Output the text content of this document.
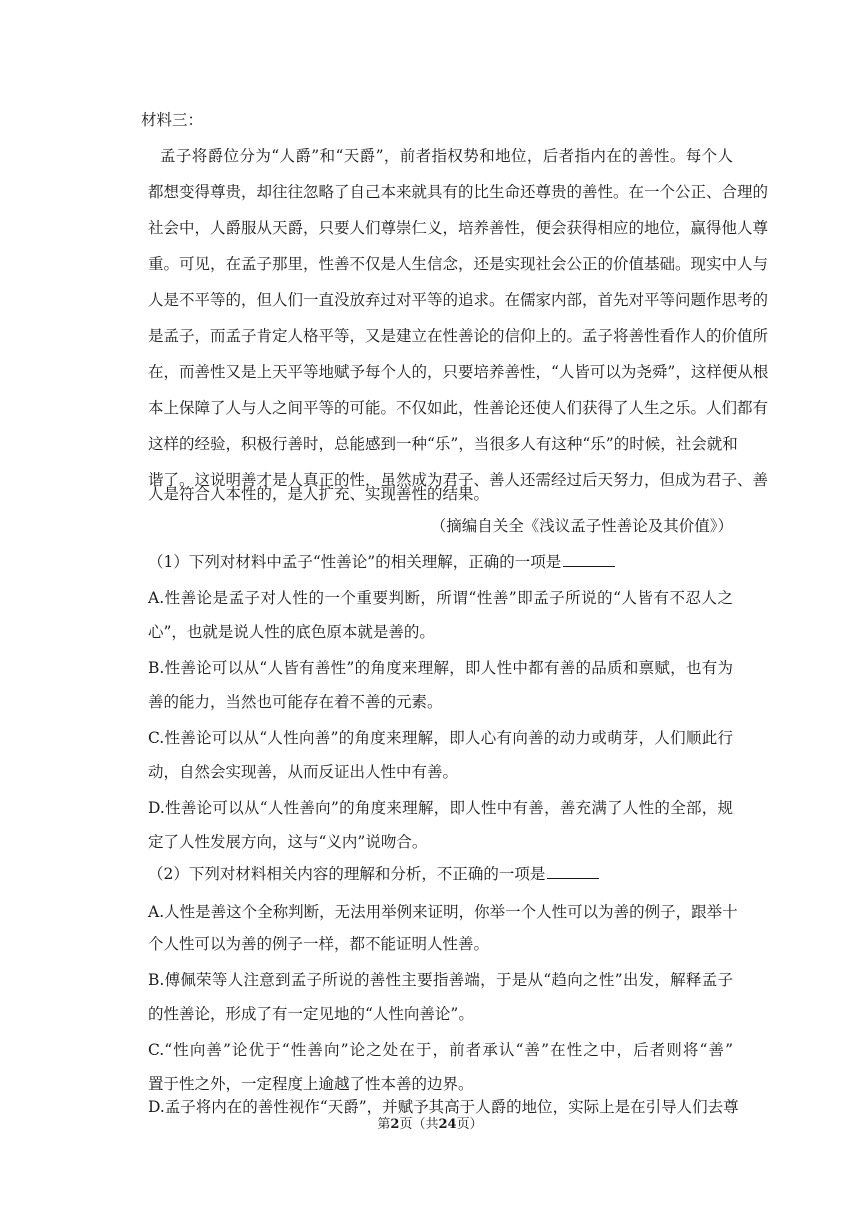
材料三：
孟子将爵位分为“人爵”和“天爵”，前者指权势和地位，后者指内在的善性。每个人
都想变得尊贵，却往往忽略了自己本来就具有的比生命还尊贵的善性。在一个公正、合理的
社会中，人爵服从天爵，只要人们尊崇仁义，培养善性，便会获得相应的地位，赢得他人尊
重。可见，在孟子那里，性善不仅是人生信念，还是实现社会公正的价值基础。现实中人与
人是不平等的，但人们一直没放弃过对平等的追求。在儒家内部，首先对平等问题作思考的
是孟子，而孟子肯定人格平等，又是建立在性善论的信仰上的。孟子将善性看作人的价值所
在，而善性又是上天平等地赋予每个人的，只要培养善性，“人皆可以为尧舜”，这样便从根
本上保障了人与人之间平等的可能。不仅如此，性善论还使人们获得了人生之乐。人们都有
这样的经验，积极行善时，总能感到一种“乐”，当很多人有这种“乐”的时候，社会就和
谐了。这说明善才是人真正的性，虽然成为君子、善人还需经过后天努力，但成为君子、善
人是符合人本性的，是人扩充、实现善性的结果。
（摘编自关全《浅议孟子性善论及其价值》）
（1）下列对材料中孟子“性善论”的相关理解，正确的一项是
A.性善论是孟子对人性的一个重要判断，所谓“性善”即孟子所说的“人皆有不忍人之
心”，也就是说人性的底色原本就是善的。
B.性善论可以从“人皆有善性”的角度来理解，即人性中都有善的品质和禀赋，也有为
善的能力，当然也可能存在着不善的元素。
C.性善论可以从“人性向善”的角度来理解，即人心有向善的动力或萌芽，人们顺此行
动，自然会实现善，从而反证出人性中有善。
D.性善论可以从“人性善向”的角度来理解，即人性中有善，善充满了人性的全部，规
定了人性发展方向，这与“义内”说吻合。
（2）下列对材料相关内容的理解和分析，不正确的一项是
A.人性是善这个全称判断，无法用举例来证明，你举一个人性可以为善的例子，跟举十
个人性可以为善的例子一样，都不能证明人性善。
B.傅佩荣等人注意到孟子所说的善性主要指善端，于是从“趋向之性”出发，解释孟子
的性善论，形成了有一定见地的“人性向善论”。
C.“性向善”论优于“性善向”论之处在于，前者承认“善”在性之中，后者则将“善”
置于性之外，一定程度上逾越了性本善的边界。
D.孟子将内在的善性视作“天爵”，并赋予其高于人爵的地位，实际上是在引导人们去尊
第2页（共24页）
